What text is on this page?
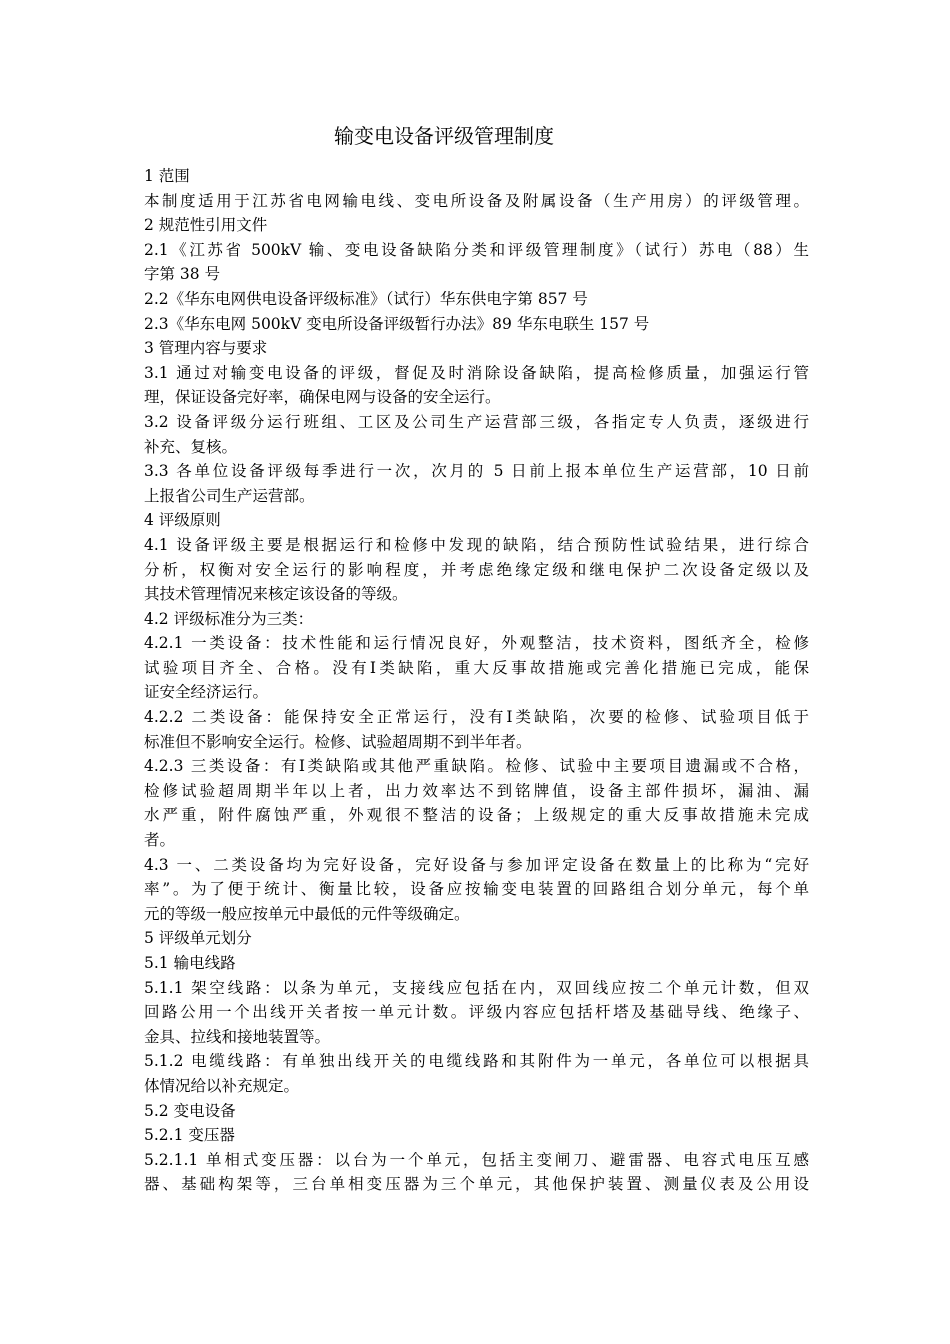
输变电设备评级管理制度
1 范围
本制度适用于江苏省电网输电线、变电所设备及附属设备（生产用房）的评级管理。
2 规范性引用文件
2.1《江苏省 500kV 输、变电设备缺陷分类和评级管理制度》（试行）苏电（88）生
字第 38 号
2.2《华东电网供电设备评级标准》（试行）华东供电字第 857 号
2.3《华东电网 500kV 变电所设备评级暂行办法》89 华东电联生 157 号
3 管理内容与要求
3.1 通过对输变电设备的评级，督促及时消除设备缺陷，提高检修质量，加强运行管
理，保证设备完好率，确保电网与设备的安全运行。
3.2 设备评级分运行班组、工区及公司生产运营部三级，各指定专人负责，逐级进行
补充、复核。
3.3 各单位设备评级每季进行一次，次月的 5 日前上报本单位生产运营部，10 日前
上报省公司生产运营部。
4 评级原则
4.1 设备评级主要是根据运行和检修中发现的缺陷，结合预防性试验结果，进行综合
分析，权衡对安全运行的影响程度，并考虑绝缘定级和继电保护二次设备定级以及
其技术管理情况来核定该设备的等级。
4.2 评级标准分为三类：
4.2.1 一类设备：技术性能和运行情况良好，外观整洁，技术资料，图纸齐全，检修
试验项目齐全、合格。没有Ⅰ类缺陷，重大反事故措施或完善化措施已完成，能保
证安全经济运行。
4.2.2 二类设备：能保持安全正常运行，没有Ⅰ类缺陷，次要的检修、试验项目低于
标准但不影响安全运行。检修、试验超周期不到半年者。
4.2.3 三类设备：有Ⅰ类缺陷或其他严重缺陷。检修、试验中主要项目遗漏或不合格，
检修试验超周期半年以上者，出力效率达不到铭牌值，设备主部件损坏，漏油、漏
水严重，附件腐蚀严重，外观很不整洁的设备；上级规定的重大反事故措施未完成
者。
4.3 一、二类设备均为完好设备，完好设备与参加评定设备在数量上的比称为“完好
率”。为了便于统计、衡量比较，设备应按输变电装置的回路组合划分单元，每个单
元的等级一般应按单元中最低的元件等级确定。
5 评级单元划分
5.1 输电线路
5.1.1 架空线路：以条为单元，支接线应包括在内，双回线应按二个单元计数，但双
回路公用一个出线开关者按一单元计数。评级内容应包括杆塔及基础导线、绝缘子、
金具、拉线和接地装置等。
5.1.2 电缆线路：有单独出线开关的电缆线路和其附件为一单元，各单位可以根据具
体情况给以补充规定。
5.2 变电设备
5.2.1 变压器
5.2.1.1 单相式变压器：以台为一个单元，包括主变闸刀、避雷器、电容式电压互感
器、基础构架等，三台单相变压器为三个单元，其他保护装置、测量仪表及公用设
